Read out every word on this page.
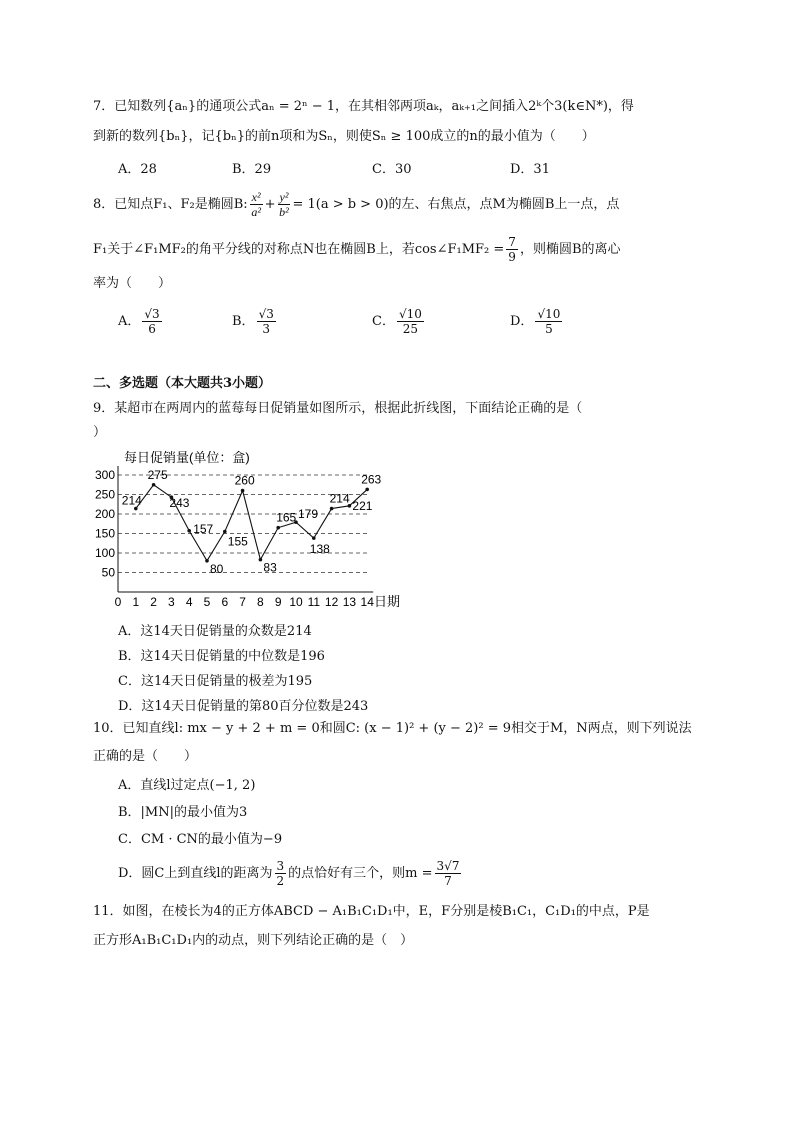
7．已知数列{aₙ}的通项公式aₙ = 2ⁿ − 1，在其相邻两项aₖ，aₖ₊₁之间插入2ᵏ个3(k∈N*)，得
到新的数列{bₙ}，记{bₙ}的前n项和为Sₙ，则使Sₙ ≥ 100成立的n的最小值为（　　）
A．28	B．29	C．30	D．31
8．已知点F₁、F₂是椭圆B: $\frac{\text{x²}}{\text{a²}} + \frac{\text{y²}}{\text{b²}} = 1(a > b > 0)$的左、右焦点，点M为椭圆B上一点，点
F₁关于∠F₁MF₂的角平分线的对称点N也在椭圆B上，若cos∠F₁MF₂ = $\frac{7}{9}$ ，则椭圆B的离心
率为（　　）
A． $\frac{√3}{6}$	B． $\frac{√3}{3}$	C． $\frac{√10}{25}$	D． $\frac{√10}{5}$
二、多选题（本大题共3小题）
9．某超市在两周内的蓝莓每日促销量如图所示，根据此折线图，下面结论正确的是（
）
214
275
243
157
80
155
260
83
165 179
138
214
221
263
50
100
150
200
250
300
0 1 2 3 4 5 6 7 8 9 10 11 12 13 14
每日促销量(单位：盒)
日期
A．这14天日促销量的众数是214
B．这14天日促销量的中位数是196
C．这14天日促销量的极差为195
D．这14天日促销量的第80百分位数是243
10．已知直线l: mx − y + 2 + m = 0和圆C: (x − 1)² + (y − 2)² = 9相交于M，N两点，则下列说法
正确的是（　　）
A．直线l过定点(−1, 2)
B．|MN|的最小值为3
C．CM · CN的最小值为−9
D．圆C上到直线l的距离为 $\frac{3}{2}$ 的点恰好有三个，则$m = \frac{3√7}{7}$
11．如图，在棱长为4的正方体ABCD − A₁B₁C₁D₁中，E，F分别是棱B₁C₁，C₁D₁的中点，P是
正方形A₁B₁C₁D₁内的动点，则下列结论正确的是（　）
